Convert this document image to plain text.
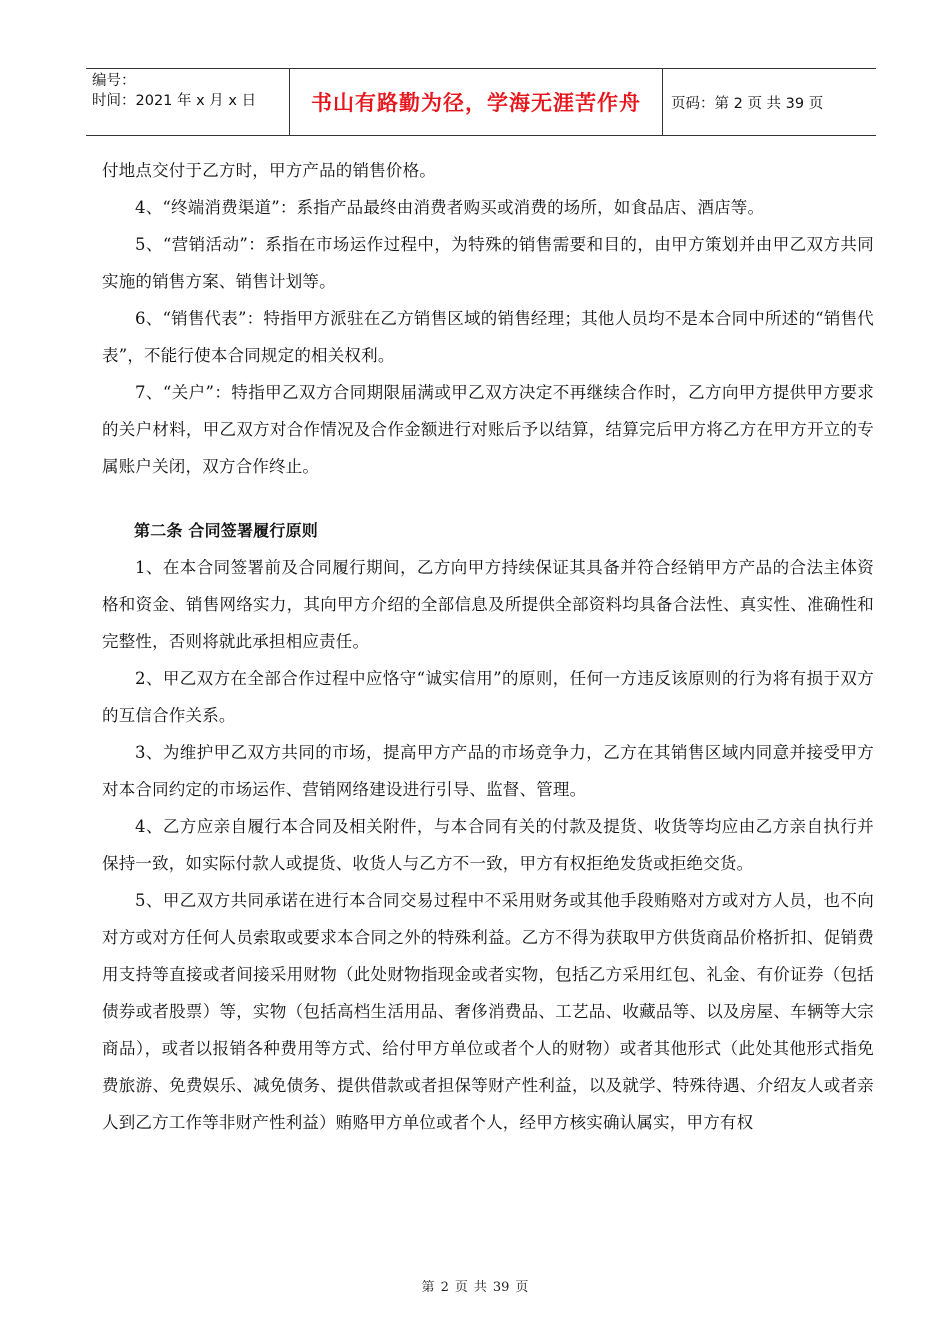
编号：
时间：2021 年 x 月 x 日	书山有路勤为径，学海无涯苦作舟 页码：第 2 页 共 39 页

付地点交付于乙方时，甲方产品的销售价格。

4、“终端消费渠道”：系指产品最终由消费者购买或消费的场所，如食品店、酒店等。

5、“营销活动”：系指在市场运作过程中，为特殊的销售需要和目的，由甲方策划并由甲乙双方共同实施的销售方案、销售计划等。

6、“销售代表”：特指甲方派驻在乙方销售区域的销售经理；其他人员均不是本合同中所述的“销售代表”，不能行使本合同规定的相关权利。

7、“关户”：特指甲乙双方合同期限届满或甲乙双方决定不再继续合作时，乙方向甲方提供甲方要求的关户材料，甲乙双方对合作情况及合作金额进行对账后予以结算，结算完后甲方将乙方在甲方开立的专属账户关闭，双方合作终止。

第二条 合同签署履行原则

1、在本合同签署前及合同履行期间，乙方向甲方持续保证其具备并符合经销甲方产品的合法主体资格和资金、销售网络实力，其向甲方介绍的全部信息及所提供全部资料均具备合法性、真实性、准确性和完整性，否则将就此承担相应责任。

2、甲乙双方在全部合作过程中应恪守“诚实信用”的原则，任何一方违反该原则的行为将有损于双方的互信合作关系。

3、为维护甲乙双方共同的市场，提高甲方产品的市场竞争力，乙方在其销售区域内同意并接受甲方对本合同约定的市场运作、营销网络建设进行引导、监督、管理。

4、乙方应亲自履行本合同及相关附件，与本合同有关的付款及提货、收货等均应由乙方亲自执行并保持一致，如实际付款人或提货、收货人与乙方不一致，甲方有权拒绝发货或拒绝交货。

5、甲乙双方共同承诺在进行本合同交易过程中不采用财务或其他手段贿赂对方或对方人员，也不向对方或对方任何人员索取或要求本合同之外的特殊利益。乙方不得为获取甲方供货商品价格折扣、促销费用支持等直接或者间接采用财物（此处财物指现金或者实物，包括乙方采用红包、礼金、有价证券（包括债券或者股票）等，实物（包括高档生活用品、奢侈消费品、工艺品、收藏品等、以及房屋、车辆等大宗商品），或者以报销各种费用等方式、给付甲方单位或者个人的财物）或者其他形式（此处其他形式指免费旅游、免费娱乐、减免债务、提供借款或者担保等财产性利益，以及就学、特殊待遇、介绍友人或者亲人到乙方工作等非财产性利益）贿赂甲方单位或者个人，经甲方核实确认属实，甲方有权

第 2 页 共 39 页
